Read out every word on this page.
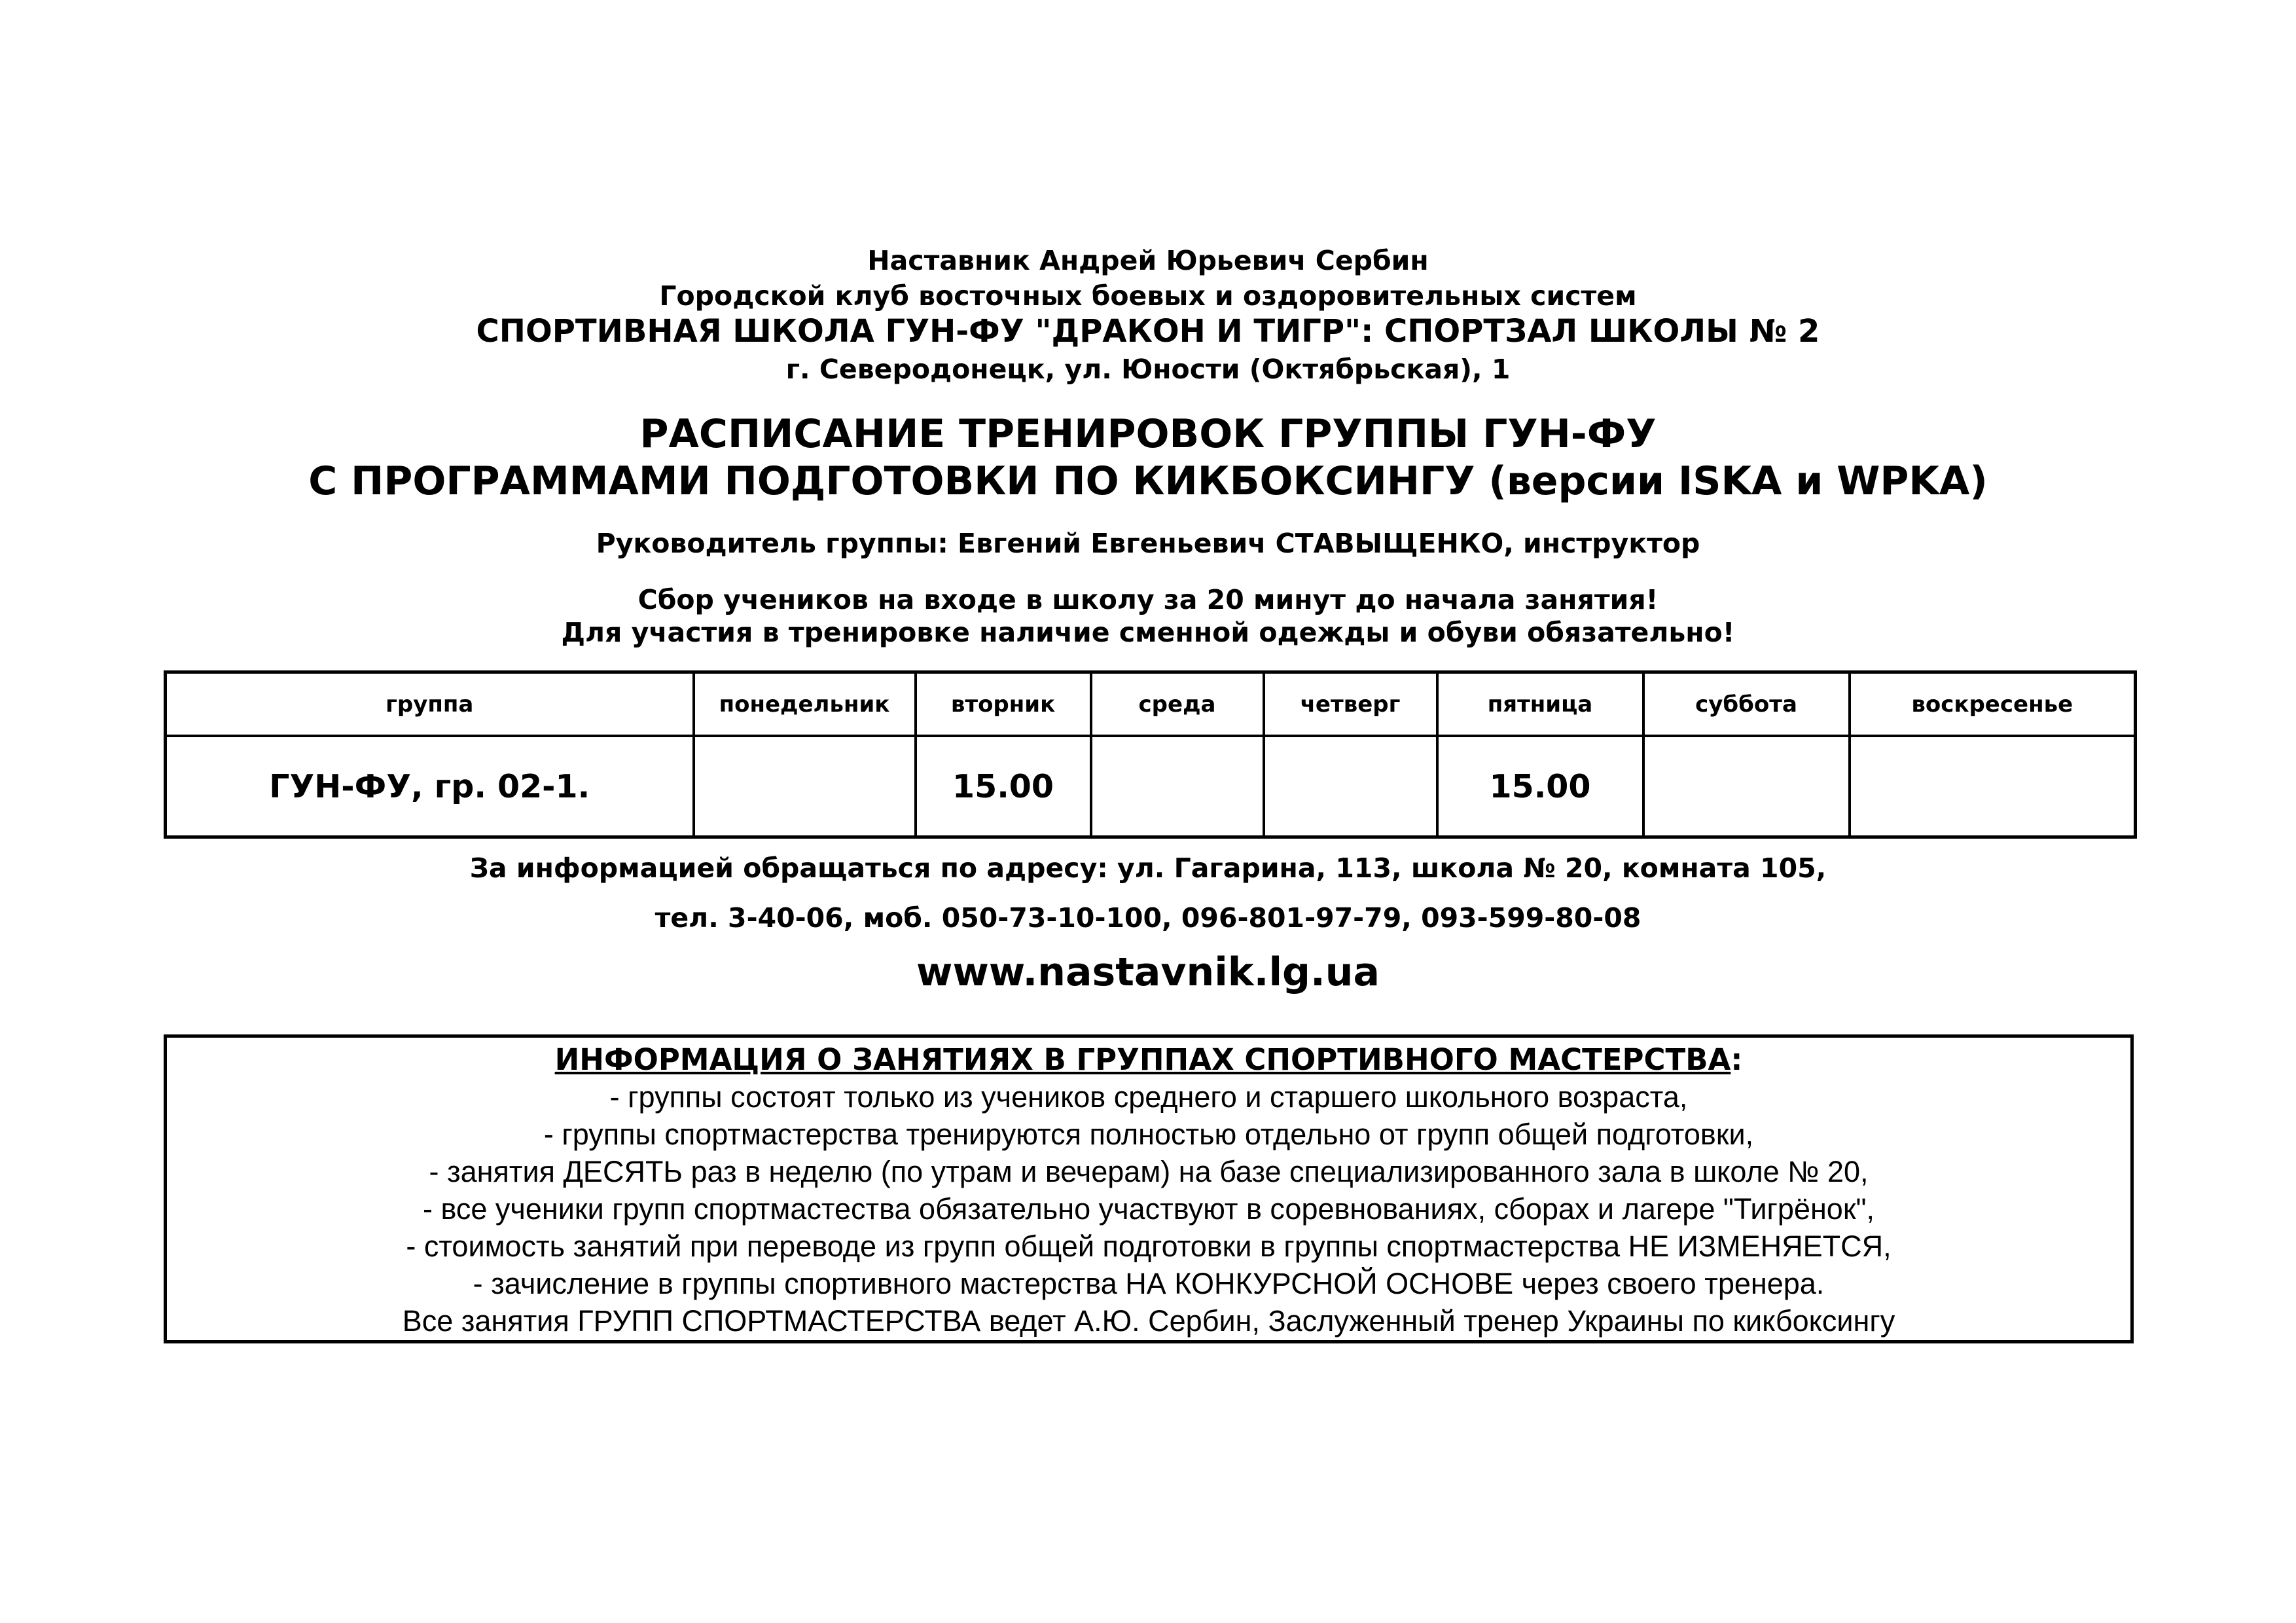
Наставник Андрей Юрьевич Сербин
Городской клуб восточных боевых и оздоровительных систем
СПОРТИВНАЯ ШКОЛА ГУН-ФУ "ДРАКОН И ТИГР": СПОРТЗАЛ ШКОЛЫ № 2
г. Северодонецк, ул. Юности (Октябрьская), 1
РАСПИСАНИЕ ТРЕНИРОВОК ГРУППЫ ГУН-ФУ
С ПРОГРАММАМИ ПОДГОТОВКИ ПО КИКБОКСИНГУ (версии ISKA и WPKA)
Руководитель группы: Евгений Евгеньевич СТАВЫЩЕНКО, инструктор
Сбор учеников на входе в школу за 20 минут до начала занятия!
Для участия в тренировке наличие сменной одежды и обуви обязательно!
группа	понедельник	вторник	среда	четверг	пятница	суббота	воскресенье
ГУН-ФУ, гр. 02-1.		15.00			15.00		
За информацией обращаться по адресу: ул. Гагарина, 113, школа № 20, комната 105,
тел. 3-40-06, моб. 050-73-10-100, 096-801-97-79, 093-599-80-08
www.nastavnik.lg.ua
ИНФОРМАЦИЯ О ЗАНЯТИЯХ В ГРУППАХ СПОРТИВНОГО МАСТЕРСТВА:
- группы состоят только из учеников среднего и старшего школьного возраста,
- группы спортмастерства тренируются полностью отдельно от групп общей подготовки,
- занятия ДЕСЯТЬ раз в неделю (по утрам и вечерам) на базе специализированного зала в школе № 20,
- все ученики групп спортмастества обязательно участвуют в соревнованиях, сборах и лагере "Тигрёнок",
- стоимость занятий при переводе из групп общей подготовки в группы спортмастерства НЕ ИЗМЕНЯЕТСЯ,
- зачисление в группы спортивного мастерства НА КОНКУРСНОЙ ОСНОВЕ через своего тренера.
Все занятия ГРУПП СПОРТМАСТЕРСТВА ведет А.Ю. Сербин, Заслуженный тренер Украины по кикбоксингу
